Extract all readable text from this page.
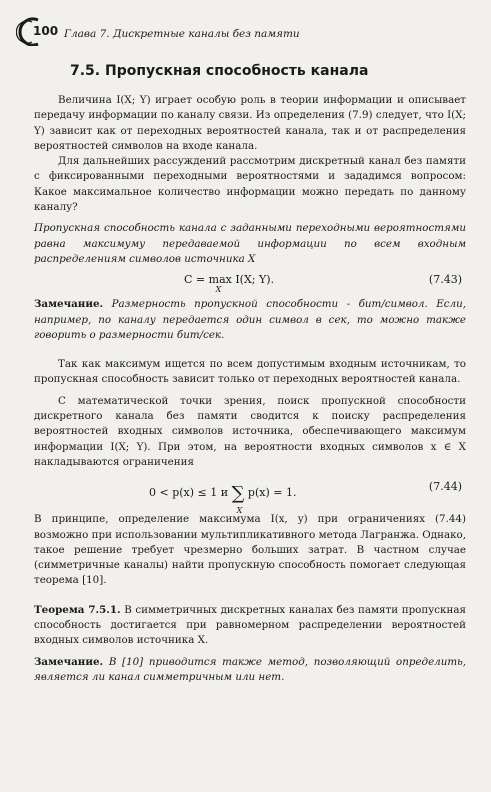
100 Глава 7. Дискретные каналы без памяти
7.5. Пропускная способность канала

Величина I(X; Y) играет особую роль в теории информации и описывает передачу информации по каналу связи. Из определения (7.9) следует, что I(X; Y) зависит как от переходных вероятностей канала, так и от распределения вероятностей символов на входе канала.

Для дальнейших рассуждений рассмотрим дискретный канал без памяти с фиксированными переходными вероятностями и зададимся вопросом: Какое максимальное количество информации можно передать по данному каналу?

Пропускная способность канала с заданными переходными вероятностями равна максимуму передаваемой информации по всем входным распределениям символов источника X

C = max
X
I(X; Y).	(7.43)

Замечание. Размерность пропускной способности - бит/символ. Если, например, по каналу передается один символ в сек, то можно также говорить о размерности бит/сек.

Так как максимум ищется по всем допустимым входным источникам, то пропускная способность зависит только от переходных вероятностей канала.

С математической точки зрения, поиск пропускной способности дискретного канала без памяти сводится к поиску распределения вероятностей входных символов источника, обеспечивающего максимум информации I(X; Y). При этом, на вероятности входных символов x ∈ X накладываются ограничения

0 < p(x) ≤ 1 и ∑
X
p(x) = 1.	(7.44)

В принципе, определение максимума I(x, y) при ограничениях (7.44) возможно при использовании мультипликативного метода Лагранжа. Однако, такое решение требует чрезмерно больших затрат. В частном случае (симметричные каналы) найти пропускную способность помогает следующая теорема [10].

Теорема 7.5.1. В симметричных дискретных каналах без памяти пропускная способность достигается при равномерном распределении вероятностей входных символов источника X.

Замечание. В [10] приводится также метод, позволяющий определить, является ли канал симметричным или нет.
